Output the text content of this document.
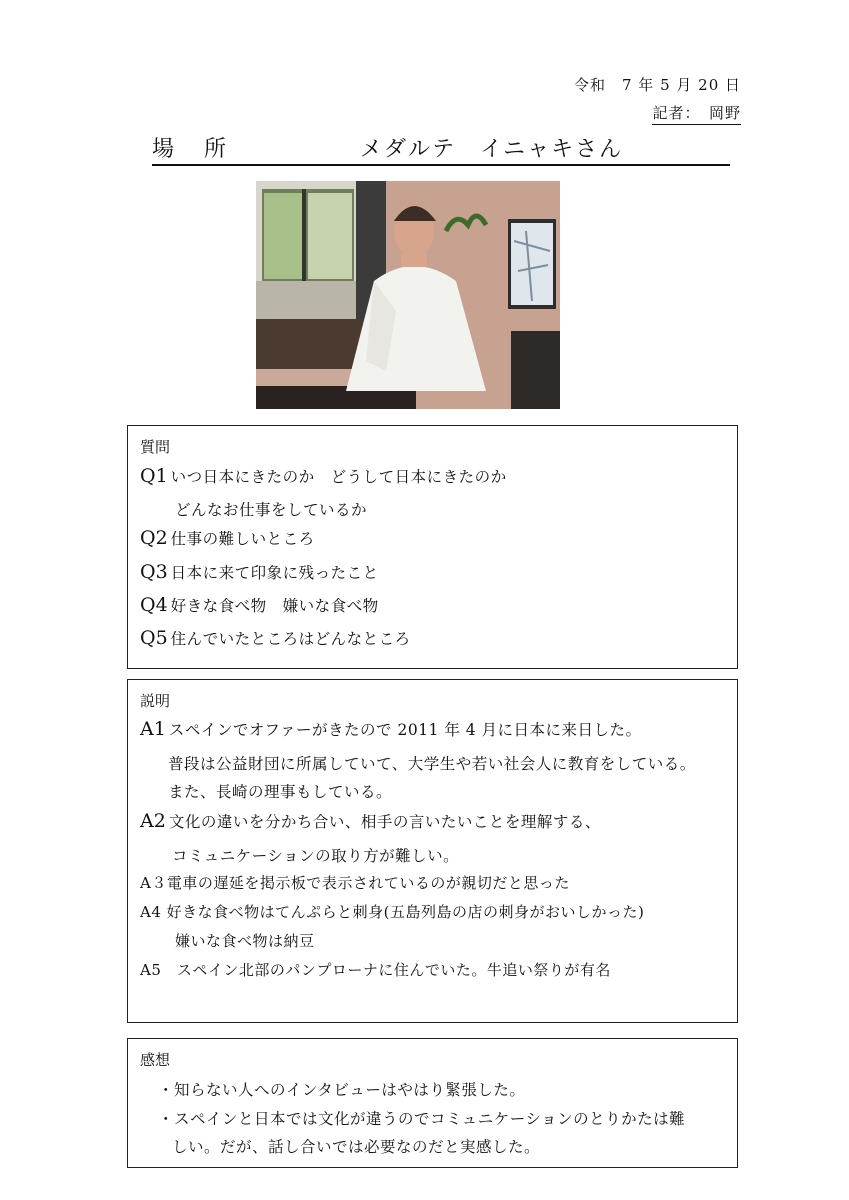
令和　7 年 5 月 20 日
記者：　岡野
場所	メダルテ　イニャキさん
質問
Q1 いつ日本にきたのか　どうして日本にきたのか
どんなお仕事をしているか
Q2 仕事の難しいところ
Q3 日本に来て印象に残ったこと
Q4 好きな食べ物　嫌いな食べ物
Q5 住んでいたところはどんなところ
説明
A1 スペインでオファーがきたので 2011 年 4 月に日本に来日した。
普段は公益財団に所属していて、大学生や若い社会人に教育をしている。
また、長崎の理事もしている。
A2 文化の違いを分かち合い、相手の言いたいことを理解する、
コミュニケーションの取り方が難しい。
A３電車の遅延を掲示板で表示されているのが親切だと思った
A4 好きな食べ物はてんぷらと刺身(五島列島の店の刺身がおいしかった)
嫌いな食べ物は納豆
A5　スペイン北部のパンプローナに住んでいた。牛追い祭りが有名
感想
・知らない人へのインタビューはやはり緊張した。
・スペインと日本では文化が違うのでコミュニケーションのとりかたは難
しい。だが、話し合いでは必要なのだと実感した。
